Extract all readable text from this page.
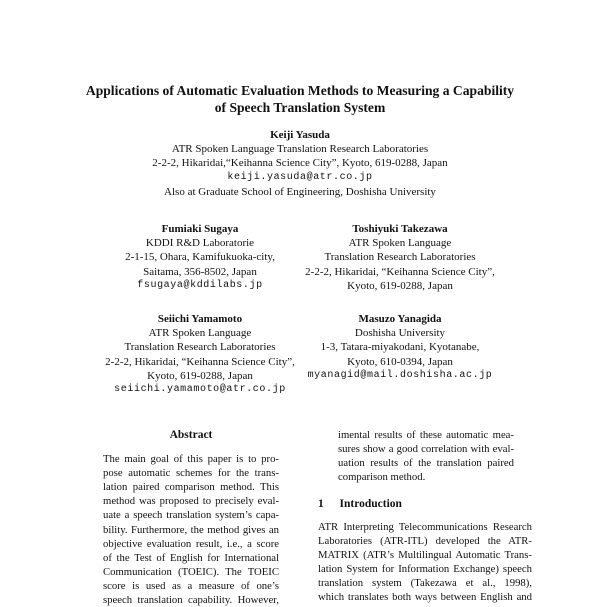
Applications of Automatic Evaluation Methods to Measuring a Capability
of Speech Translation System
Keiji Yasuda
ATR Spoken Language Translation Research Laboratories
2-2-2, Hikaridai,“Keihanna Science City”, Kyoto, 619-0288, Japan
keiji.yasuda@atr.co.jp
Also at Graduate School of Engineering, Doshisha University
Fumiaki Sugaya
KDDI R&D Laboratorie
2-1-15, Ohara, Kamifukuoka-city,
Saitama, 356-8502, Japan
fsugaya@kddilabs.jp
Toshiyuki Takezawa
ATR Spoken Language
Translation Research Laboratories
2-2-2, Hikaridai, “Keihanna Science City”,
Kyoto, 619-0288, Japan
Seiichi Yamamoto
ATR Spoken Language
Translation Research Laboratories
2-2-2, Hikaridai, “Keihanna Science City”,
Kyoto, 619-0288, Japan
seiichi.yamamoto@atr.co.jp
Masuzo Yanagida
Doshisha University
1-3, Tatara-miyakodani, Kyotanabe,
Kyoto, 610-0394, Japan
myanagid@mail.doshisha.ac.jp
Abstract
The main goal of this paper is to pro-
pose automatic schemes for the trans-
lation paired comparison method. This
method was proposed to precisely eval-
uate a speech translation system’s capa-
bility. Furthermore, the method gives an
objective evaluation result, i.e., a score
of the Test of English for International
Communication (TOEIC). The TOEIC
score is used as a measure of one’s
speech translation capability. However,
imental results of these automatic mea-
sures show a good correlation with eval-
uation results of the translation paired
comparison method.
1 Introduction
ATR Interpreting Telecommunications Research
Laboratories (ATR-ITL) developed the ATR-
MATRIX (ATR’s Multilingual Automatic Trans-
lation System for Information Exchange) speech
translation system (Takezawa et al., 1998),
which translates both ways between English and
